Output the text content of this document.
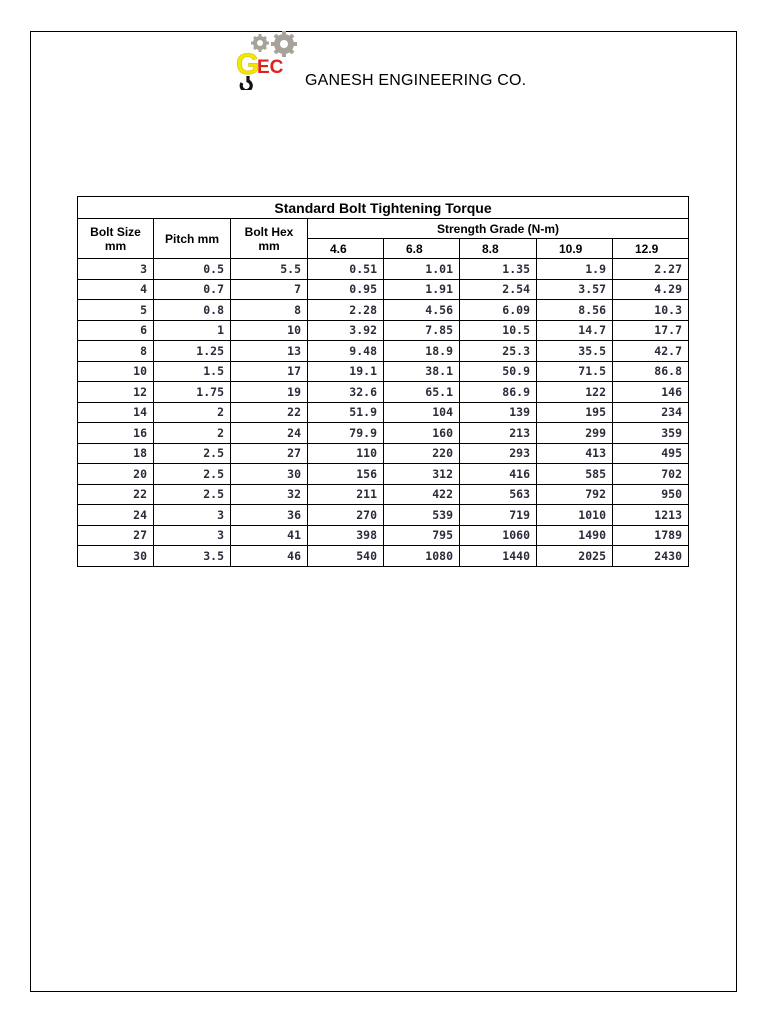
G
EC
GANESH ENGINEERING CO.
Standard Bolt Tightening Torque							
Bolt Size mm	Pitch mm	Bolt Hex mm	Strength Grade (N-m)				
			4.6	6.8	8.8	10.9	12.9
3	0.5	5.5	0.51	1.01	1.35	1.9	2.27
4	0.7	7	0.95	1.91	2.54	3.57	4.29
5	0.8	8	2.28	4.56	6.09	8.56	10.3
6	1	10	3.92	7.85	10.5	14.7	17.7
8	1.25	13	9.48	18.9	25.3	35.5	42.7
10	1.5	17	19.1	38.1	50.9	71.5	86.8
12	1.75	19	32.6	65.1	86.9	122	146
14	2	22	51.9	104	139	195	234
16	2	24	79.9	160	213	299	359
18	2.5	27	110	220	293	413	495
20	2.5	30	156	312	416	585	702
22	2.5	32	211	422	563	792	950
24	3	36	270	539	719	1010	1213
27	3	41	398	795	1060	1490	1789
30	3.5	46	540	1080	1440	2025	2430
